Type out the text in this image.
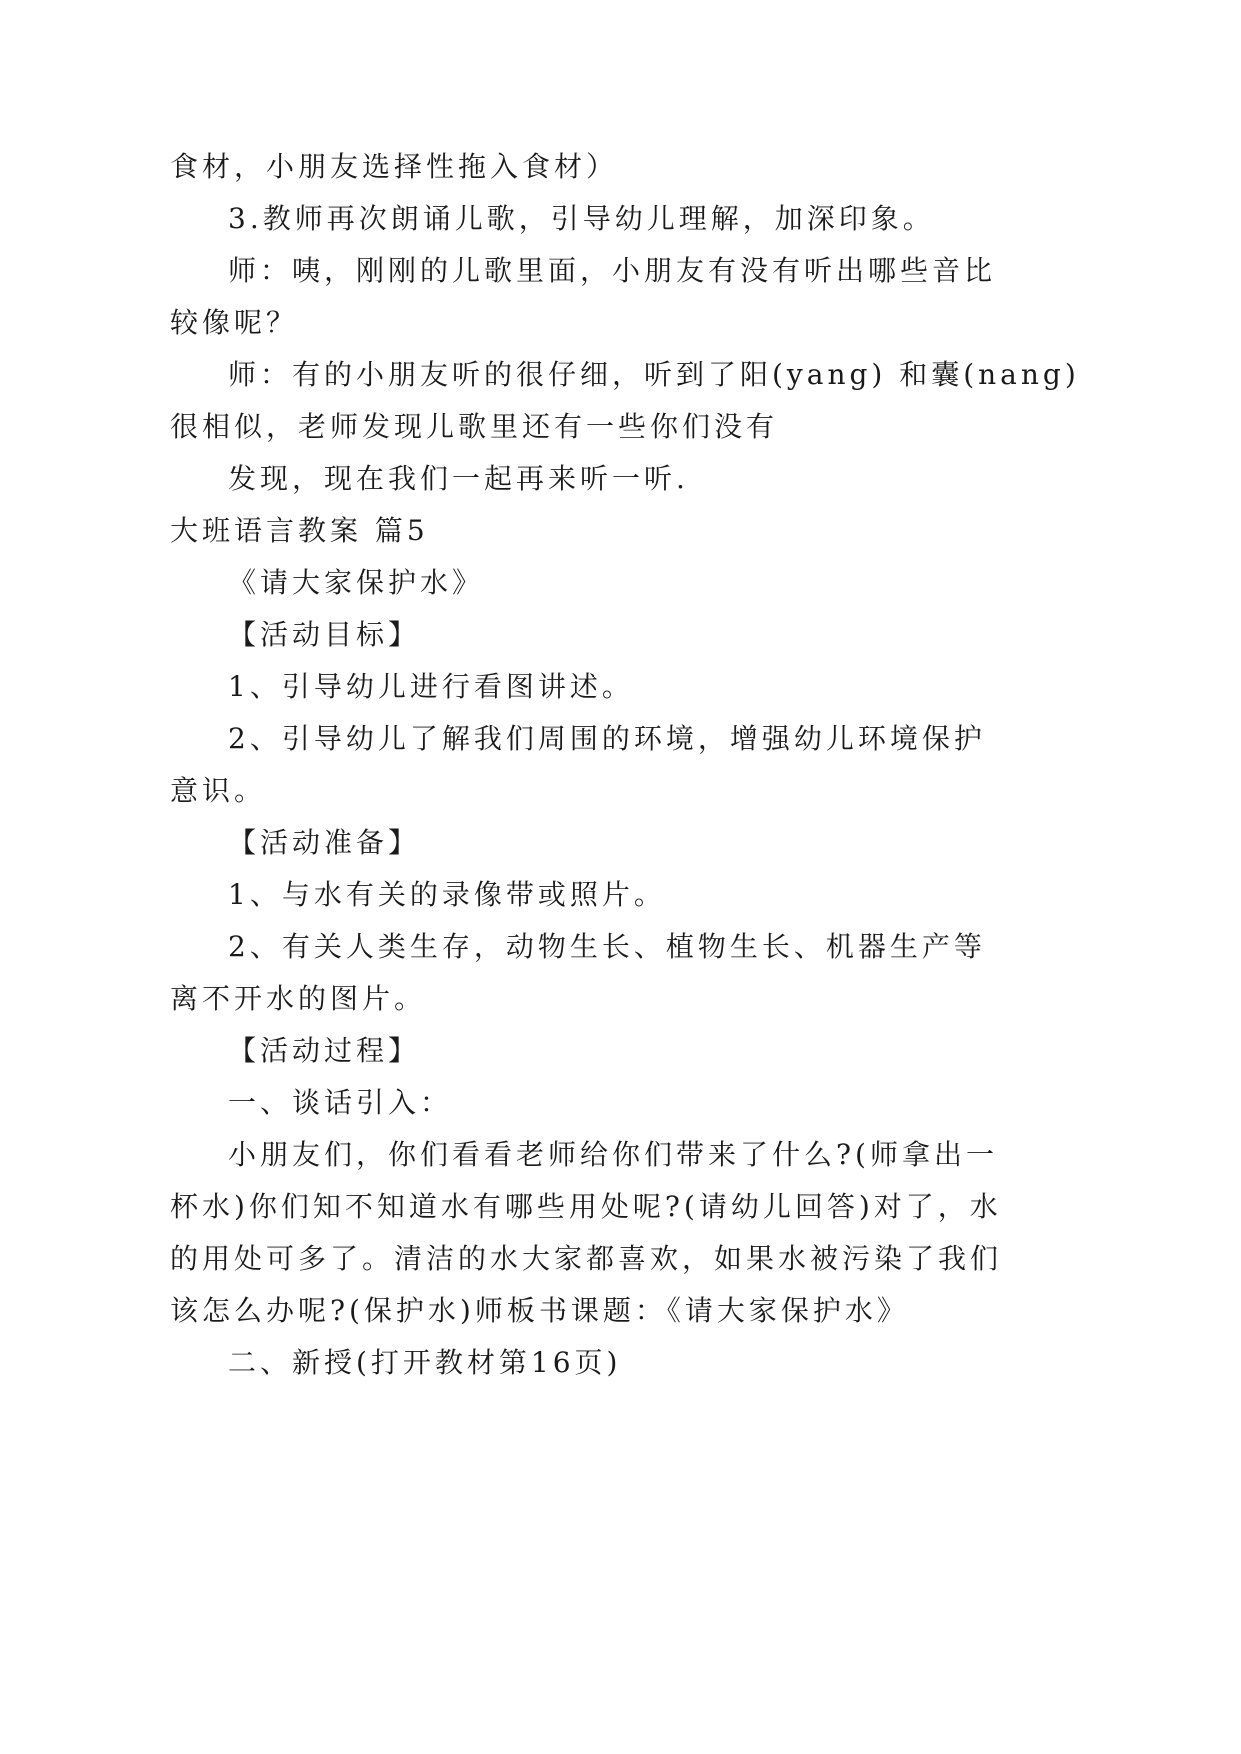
食材，小朋友选择性拖入食材）
3.教师再次朗诵儿歌，引导幼儿理解，加深印象。
师：咦，刚刚的儿歌里面，小朋友有没有听出哪些音比
较像呢？
师：有的小朋友听的很仔细，听到了阳(yang) 和囊(nang)
很相似，老师发现儿歌里还有一些你们没有
发现，现在我们一起再来听一听.
大班语言教案 篇5
《请大家保护水》
【活动目标】
1、引导幼儿进行看图讲述。
2、引导幼儿了解我们周围的环境，增强幼儿环境保护
意识。
【活动准备】
1、与水有关的录像带或照片。
2、有关人类生存，动物生长、植物生长、机器生产等
离不开水的图片。
【活动过程】
一、谈话引入：
小朋友们，你们看看老师给你们带来了什么?(师拿出一
杯水)你们知不知道水有哪些用处呢?(请幼儿回答)对了，水
的用处可多了。清洁的水大家都喜欢，如果水被污染了我们
该怎么办呢?(保护水)师板书课题：《请大家保护水》
二、新授(打开教材第16页)
